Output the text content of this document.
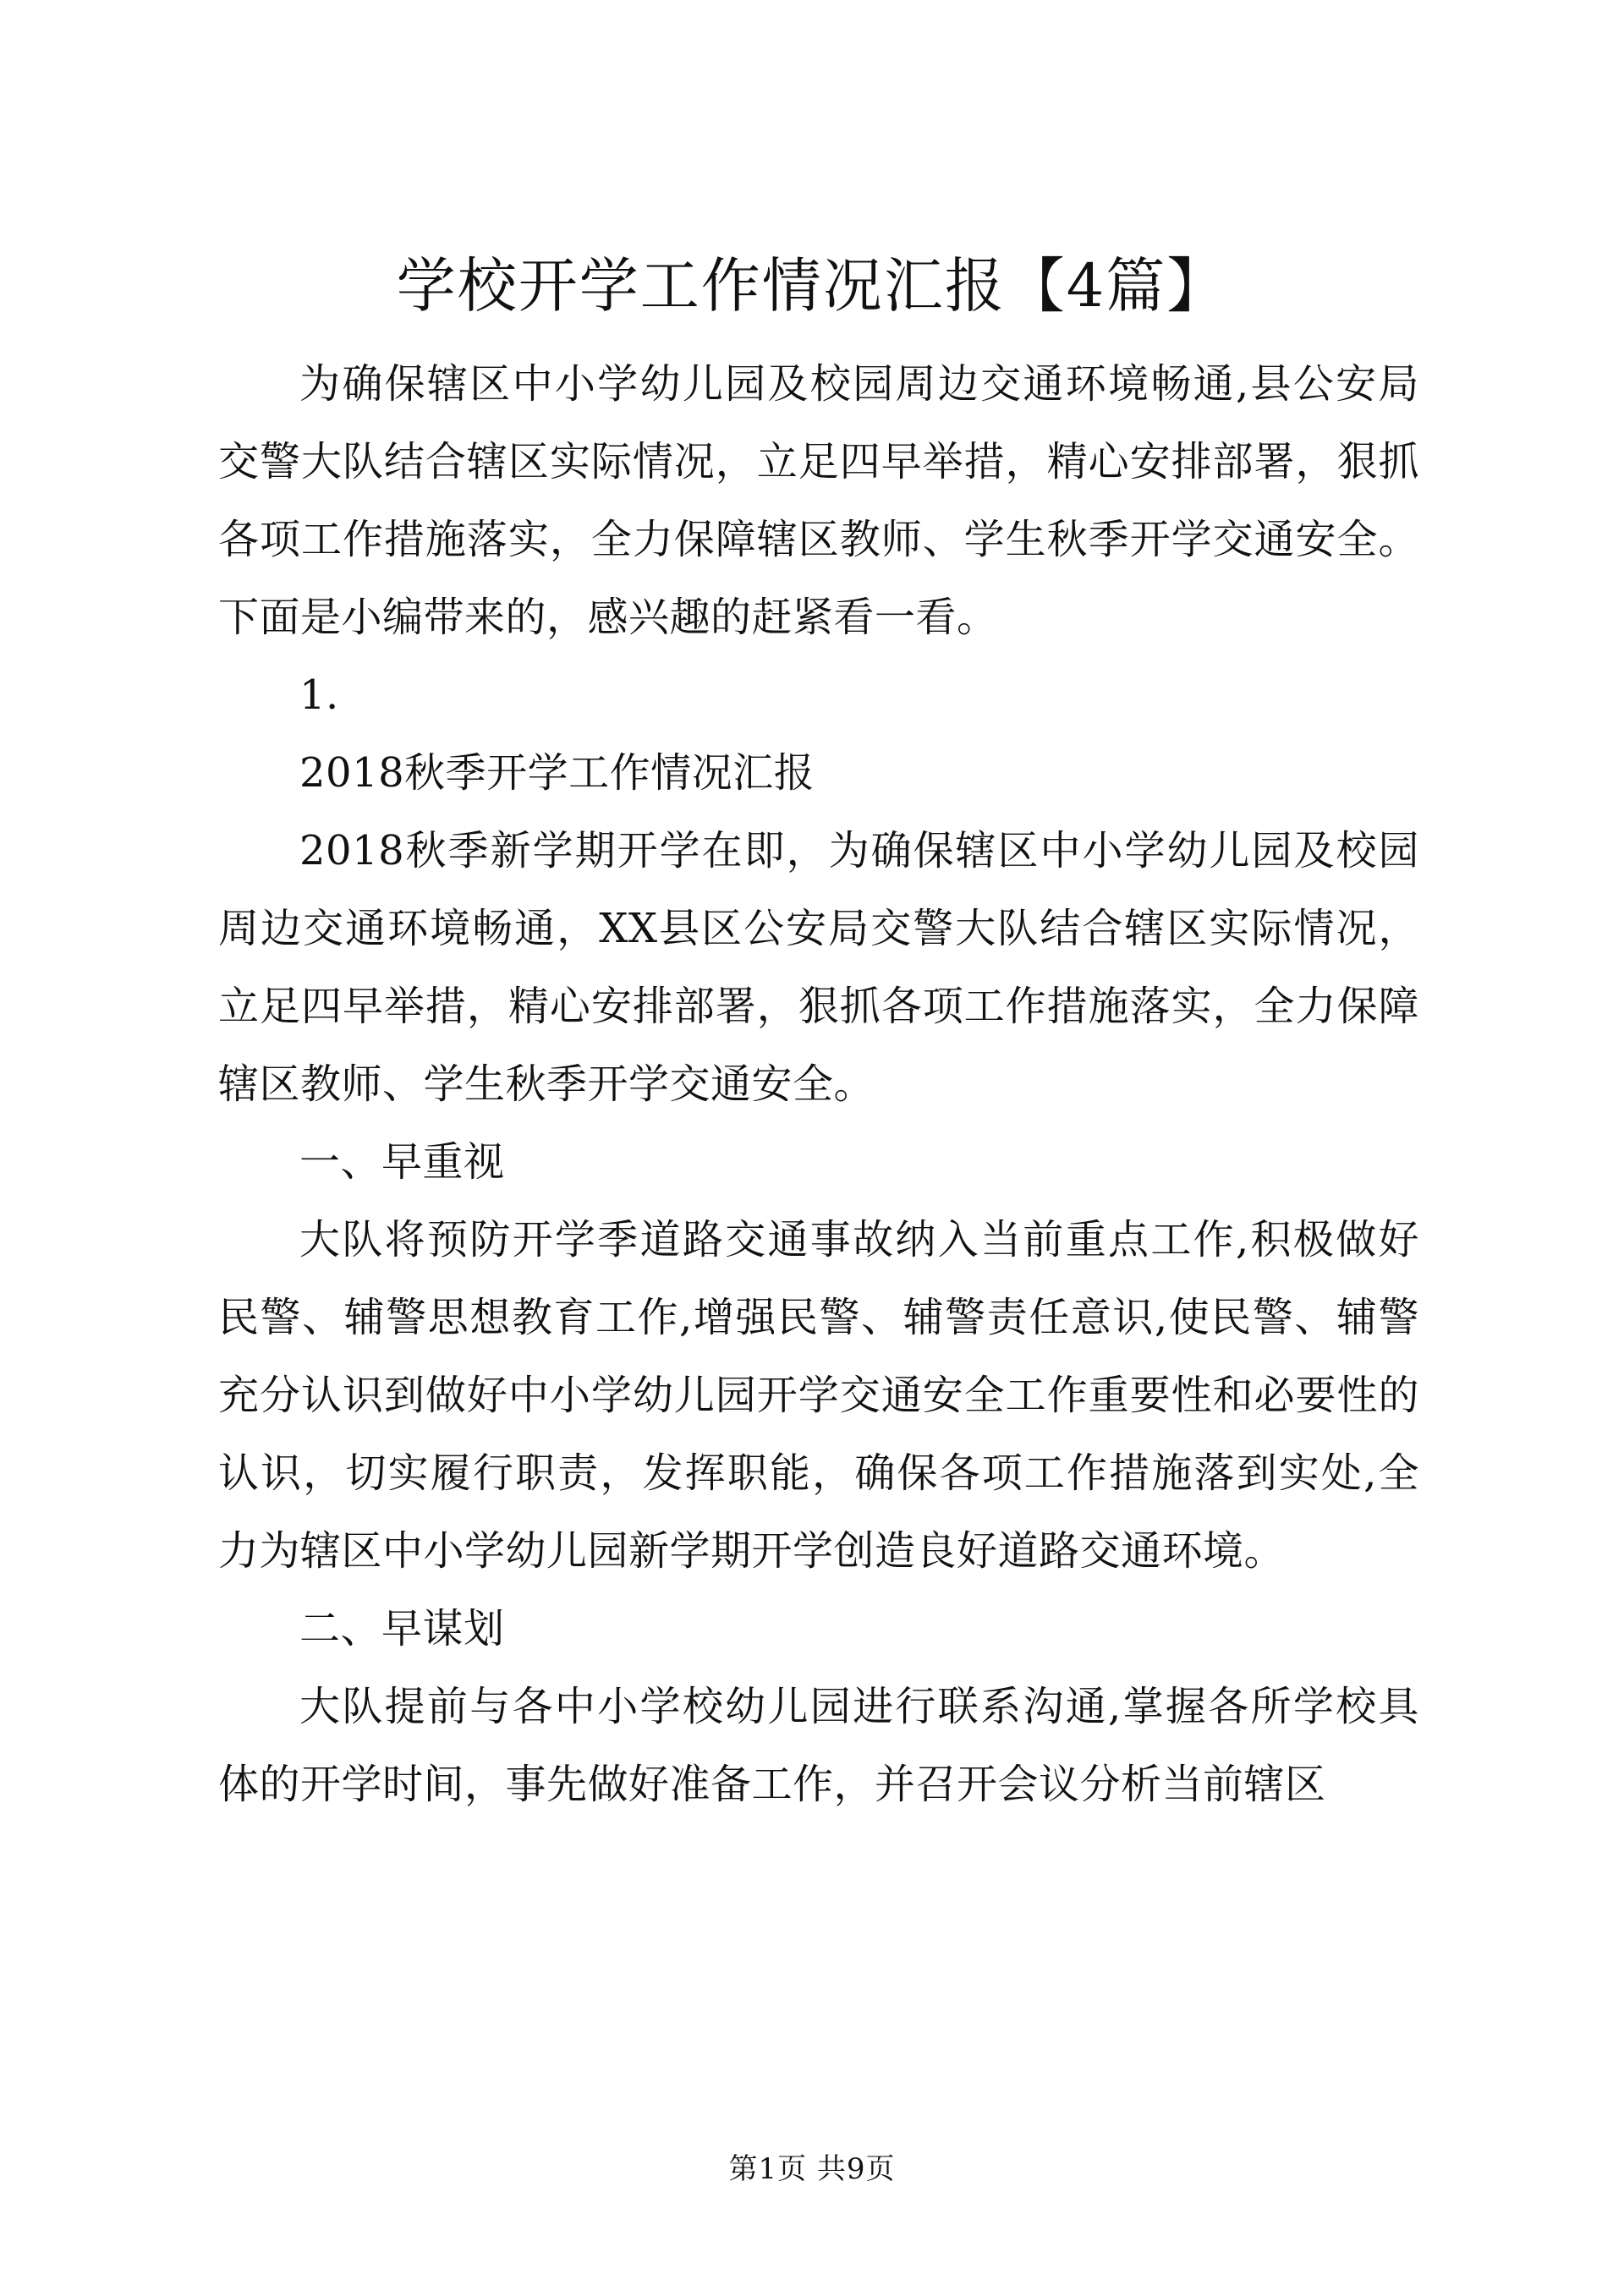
学校开学工作情况汇报【4篇】

为确保辖区中小学幼儿园及校园周边交通环境畅通,县公安局交警大队结合辖区实际情况，立足四早举措，精心安排部署，狠抓各项工作措施落实，全力保障辖区教师、学生秋季开学交通安全。下面是小编带来的，感兴趣的赶紧看一看。

1.

2018秋季开学工作情况汇报

2018秋季新学期开学在即，为确保辖区中小学幼儿园及校园周边交通环境畅通，XX县区公安局交警大队结合辖区实际情况，立足四早举措，精心安排部署，狠抓各项工作措施落实，全力保障辖区教师、学生秋季开学交通安全。

一、早重视

大队将预防开学季道路交通事故纳入当前重点工作,积极做好民警、辅警思想教育工作,增强民警、辅警责任意识,使民警、辅警充分认识到做好中小学幼儿园开学交通安全工作重要性和必要性的认识，切实履行职责，发挥职能，确保各项工作措施落到实处,全力为辖区中小学幼儿园新学期开学创造良好道路交通环境。

二、早谋划

大队提前与各中小学校幼儿园进行联系沟通,掌握各所学校具体的开学时间，事先做好准备工作，并召开会议分析当前辖区

第1页 共9页
